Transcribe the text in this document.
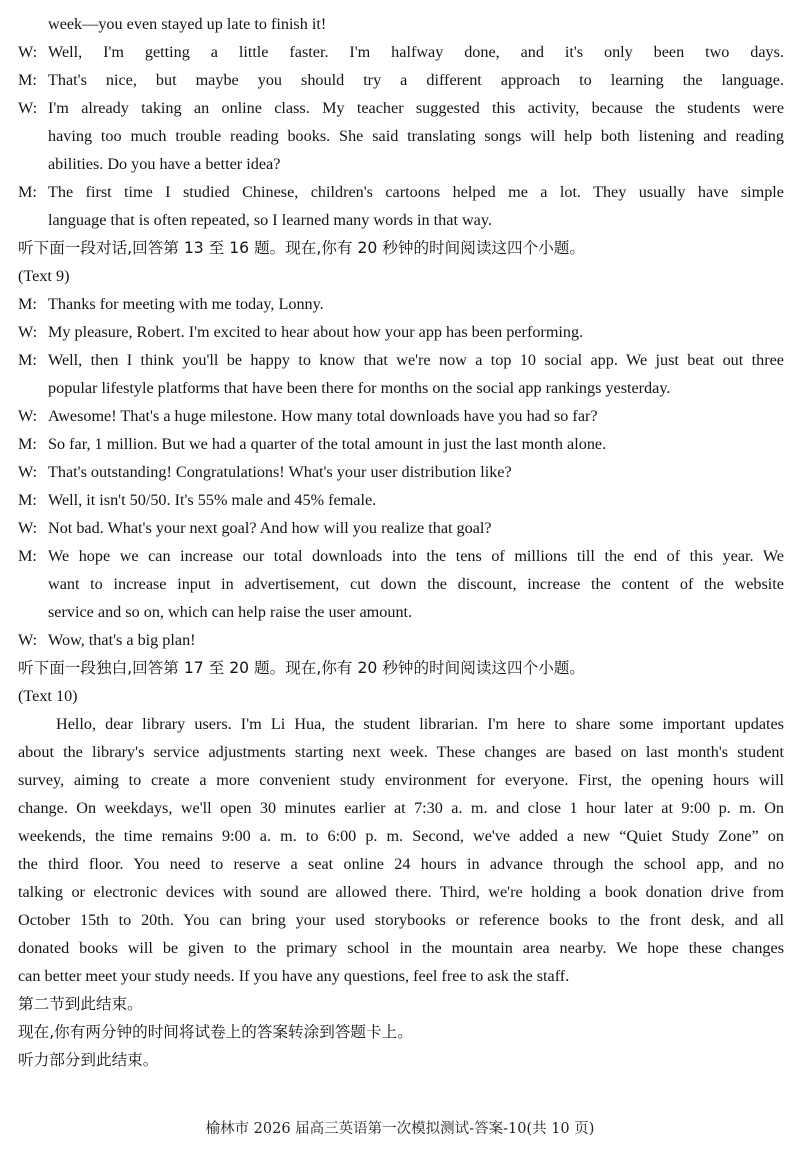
week—you even stayed up late to finish it!
W: Well, I'm getting a little faster. I'm halfway done, and it's only been two days.
M: That's nice, but maybe you should try a different approach to learning the language.
W: I'm already taking an online class. My teacher suggested this activity, because the students were
having too much trouble reading books. She said translating songs will help both listening and reading
abilities. Do you have a better idea?
M: The first time I studied Chinese, children's cartoons helped me a lot. They usually have simple
language that is often repeated, so I learned many words in that way.
听下面一段对话,回答第 13 至 16 题。现在,你有 20 秒钟的时间阅读这四个小题。
(Text 9)
M: Thanks for meeting with me today, Lonny.
W: My pleasure, Robert. I'm excited to hear about how your app has been performing.
M: Well, then I think you'll be happy to know that we're now a top 10 social app. We just beat out three
popular lifestyle platforms that have been there for months on the social app rankings yesterday.
W: Awesome! That's a huge milestone. How many total downloads have you had so far?
M: So far, 1 million. But we had a quarter of the total amount in just the last month alone.
W: That's outstanding! Congratulations! What's your user distribution like?
M: Well, it isn't 50/50. It's 55% male and 45% female.
W: Not bad. What's your next goal? And how will you realize that goal?
M: We hope we can increase our total downloads into the tens of millions till the end of this year. We
want to increase input in advertisement, cut down the discount, increase the content of the website
service and so on, which can help raise the user amount.
W: Wow, that's a big plan!
听下面一段独白,回答第 17 至 20 题。现在,你有 20 秒钟的时间阅读这四个小题。
(Text 10)
Hello, dear library users. I'm Li Hua, the student librarian. I'm here to share some important updates
about the library's service adjustments starting next week. These changes are based on last month's student
survey, aiming to create a more convenient study environment for everyone. First, the opening hours will
change. On weekdays, we'll open 30 minutes earlier at 7:30 a. m. and close 1 hour later at 9:00 p. m. On
weekends, the time remains 9:00 a. m. to 6:00 p. m. Second, we've added a new “Quiet Study Zone” on
the third floor. You need to reserve a seat online 24 hours in advance through the school app, and no
talking or electronic devices with sound are allowed there. Third, we're holding a book donation drive from
October 15th to 20th. You can bring your used storybooks or reference books to the front desk, and all
donated books will be given to the primary school in the mountain area nearby. We hope these changes
can better meet your study needs. If you have any questions, feel free to ask the staff.
第二节到此结束。
现在,你有两分钟的时间将试卷上的答案转涂到答题卡上。
听力部分到此结束。
榆林市 2026 届高三英语第一次模拟测试-答案-10(共 10 页)
